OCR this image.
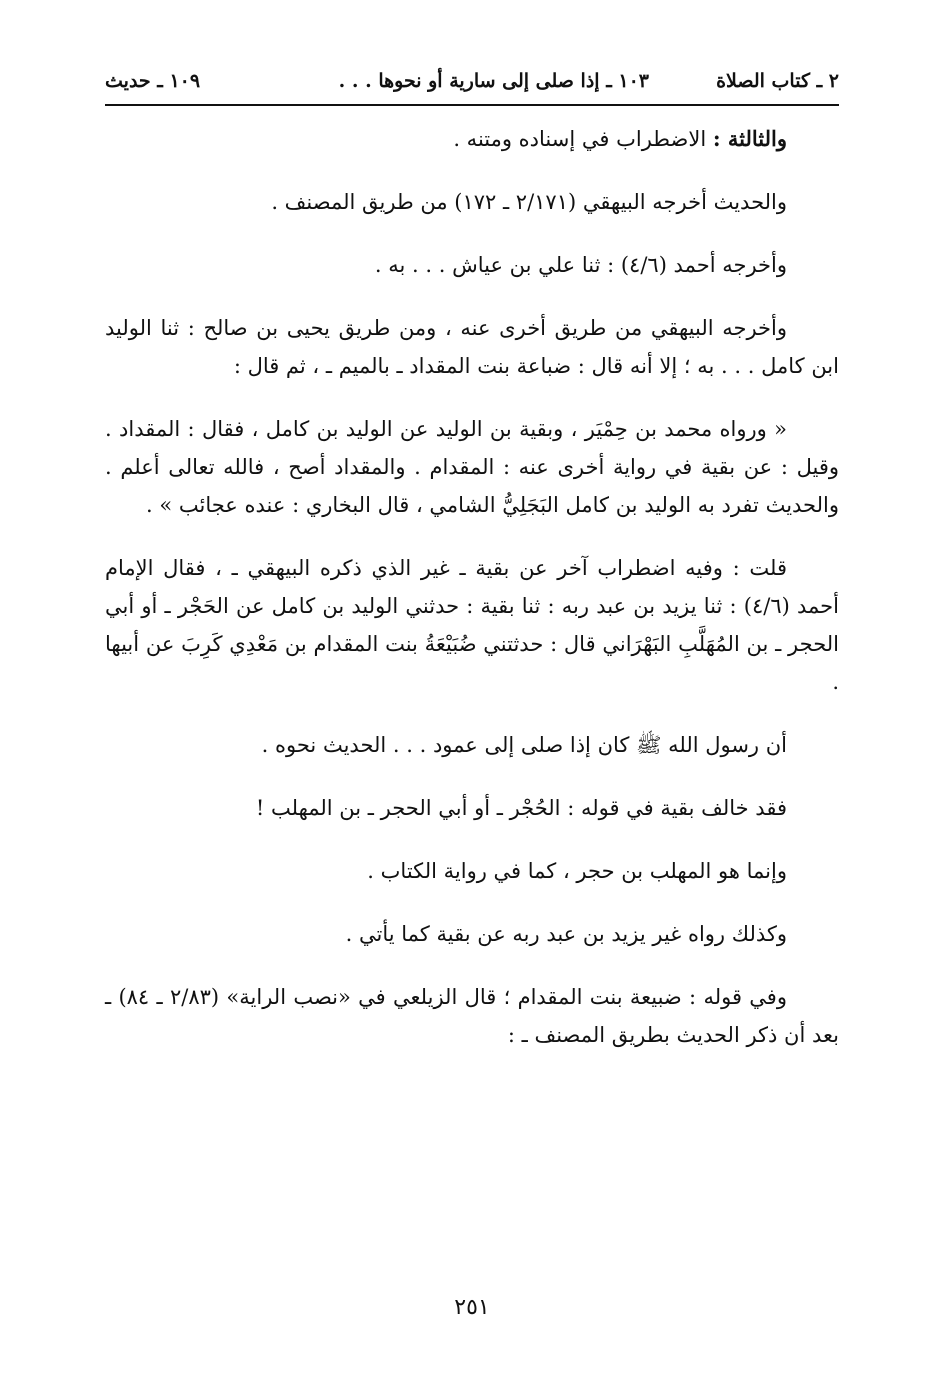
٢ ـ كتاب الصلاة
١٠٣ ـ إذا صلى إلى سارية أو نحوها . . .
١٠٩ ـ حديث

والثالثة : الاضطراب في إسناده ومتنه .

والحديث أخرجه البيهقي (٢/١٧١ ـ ١٧٢) من طريق المصنف .

وأخرجه أحمد (٤/٦) : ثنا علي بن عياش . . . به .

وأخرجه البيهقي من طريق أخرى عنه ، ومن طريق يحيى بن صالح : ثنا الوليد ابن كامل . . . به ؛ إلا أنه قال : ضباعة بنت المقداد ـ بالميم ـ ، ثم قال :

« ورواه محمد بن حِمْيَر ، وبقية بن الوليد عن الوليد بن كامل ، فقال : المقداد . وقيل : عن بقية في رواية أخرى عنه : المقدام . والمقداد أصح ، فالله تعالى أعلم . والحديث تفرد به الوليد بن كامل البَجَلِيُّ الشامي ، قال البخاري : عنده عجائب » .

قلت : وفيه اضطراب آخر عن بقية ـ غير الذي ذكره البيهقي ـ ، فقال الإمام أحمد (٤/٦) : ثنا يزيد بن عبد ربه : ثنا بقية : حدثني الوليد بن كامل عن الحَجْر ـ أو أبي الحجر ـ بن المُهَلَّبِ البَهْرَاني قال : حدثتني ضُبَيْعَةُ بنت المقدام بن مَعْدِي كَرِبَ عن أبيها .

أن رسول الله ﷺ كان إذا صلى إلى عمود . . . الحديث نحوه .

فقد خالف بقية في قوله : الحُجْر ـ أو أبي الحجر ـ بن المهلب !

وإنما هو المهلب بن حجر ، كما في رواية الكتاب .

وكذلك رواه غير يزيد بن عبد ربه عن بقية كما يأتي .

وفي قوله : ضبيعة بنت المقدام ؛ قال الزيلعي في «نصب الراية» (٢/٨٣ ـ ٨٤) ـ بعد أن ذكر الحديث بطريق المصنف ـ :

٢٥١
